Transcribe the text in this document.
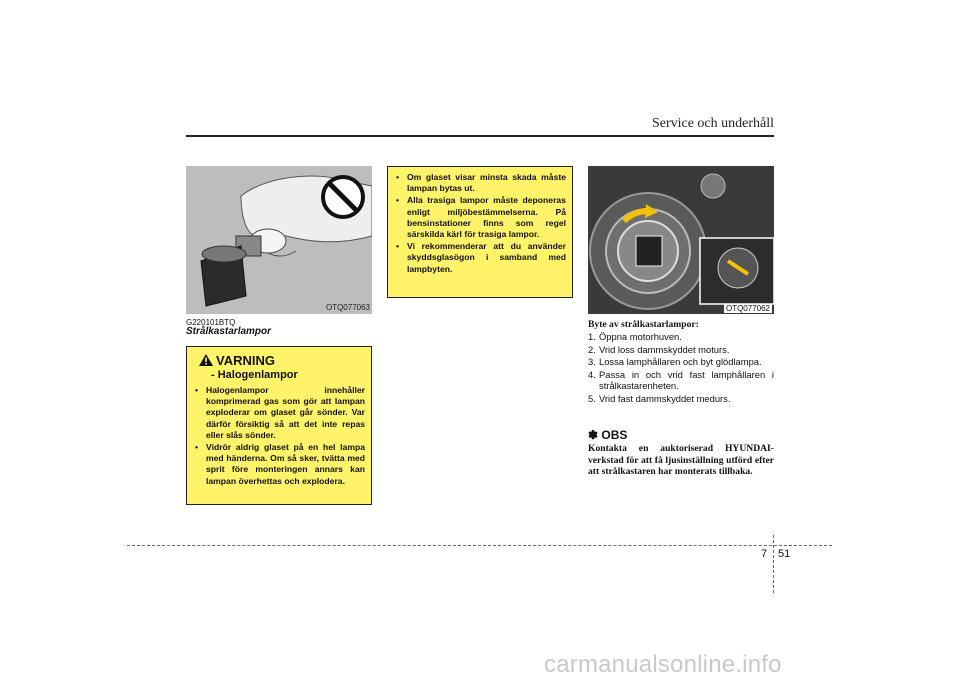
Service och underhåll
OTQ077063
G220101BTQ
Strålkastarlampor
VARNING
- Halogenlampor
• Halogenlampor innehåller komprimerad gas som gör att lampan exploderar om glaset går sönder. Var därför försiktig så att det inte repas eller slås sönder.
• Vidrör aldrig glaset på en hel lampa med händerna. Om så sker, tvätta med sprit före monteringen annars kan lampan överhettas och explodera.
• Om glaset visar minsta skada måste lampan bytas ut.
• Alla trasiga lampor måste deponeras enligt miljöbestämmelserna. På bensinstationer finns som regel särskilda kärl för trasiga lampor.
• Vi rekommenderar att du använder skyddsglasögon i samband med lampbyten.
OTQ077062
Byte av strålkastarlampor:
1. Öppna motorhuven.
2. Vrid loss dammskyddet moturs.
3. Lossa lamphållaren och byt glödlampa.
4. Passa in och vrid fast lamphållaren i strålkastarenheten.
5. Vrid fast dammskyddet medurs.
✽ OBS
Kontakta en auktoriserad HYUNDAI-verkstad för att få ljusinställning utförd efter att strålkastaren har monterats tillbaka.
7 51
carmanualsonline.info
